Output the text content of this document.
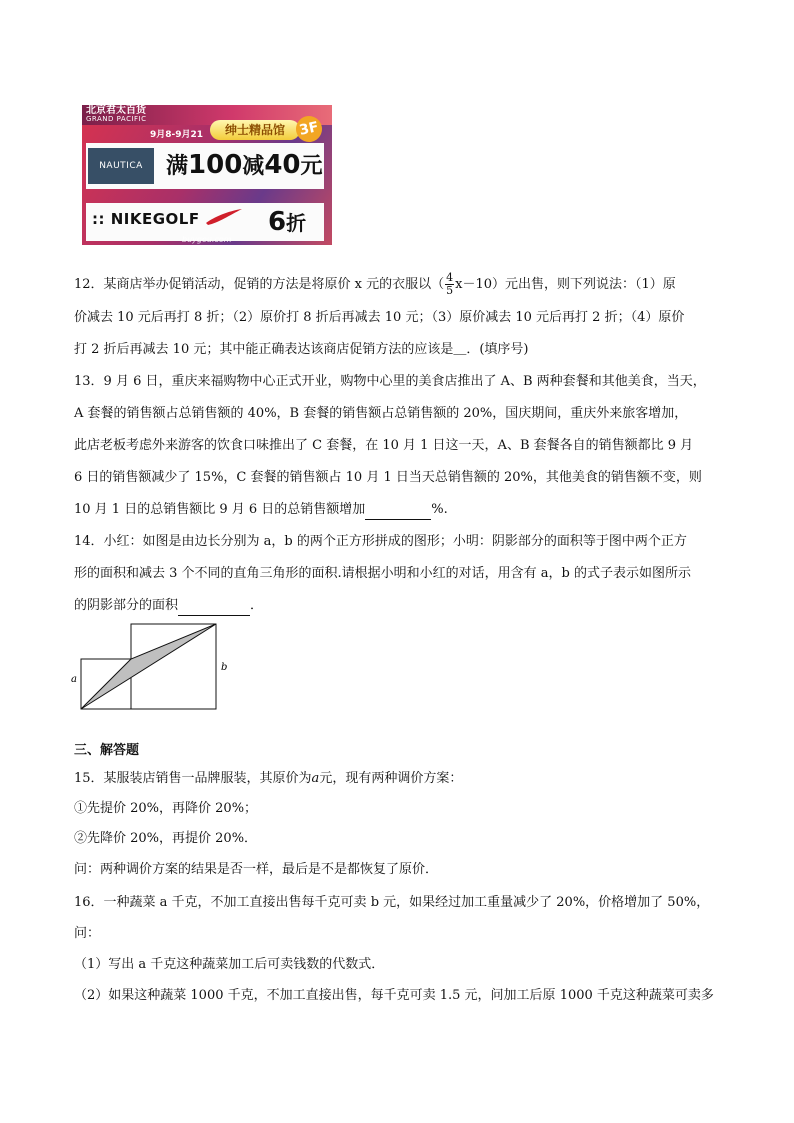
北京君太百货
GRAND PACIFIC
9月8-9月21	绅士精品馆 3F
NAUTICA	满100减40元
:: NIKEGOLF	6折
buygou.com

12．某商店举办促销活动，促销的方法是将原价 x 元的衣服以（ $\frac{4}{5} x-10$）元出售，则下列说法：（1）原

价减去 10 元后再打 8 折；（2）原价打 8 折后再减去 10 元；（3）原价减去 10 元后再打 2 折；（4）原价

打 2 折后再减去 10 元；其中能正确表达该商店促销方法的应该是＿．(填序号)

13．9 月 6 日，重庆来福购物中心正式开业，购物中心里的美食店推出了 A、B 两种套餐和其他美食，当天，

A 套餐的销售额占总销售额的 40%，B 套餐的销售额占总销售额的 20%，国庆期间，重庆外来旅客增加，

此店老板考虑外来游客的饮食口味推出了 C 套餐，在 10 月 1 日这一天，A、B 套餐各自的销售额都比 9 月

6 日的销售额减少了 15%，C 套餐的销售额占 10 月 1 日当天总销售额的 20%，其他美食的销售额不变，则

10 月 1 日的总销售额比 9 月 6 日的总销售额增加	%.

14．小红：如图是由边长分别为 a，b 的两个正方形拼成的图形；小明：阴影部分的面积等于图中两个正方

形的面积和减去 3 个不同的直角三角形的面积.请根据小明和小红的对话，用含有 a，b 的式子表示如图所示

的阴影部分的面积	．

a
b

三、解答题

15．某服装店销售一品牌服装，其原价为a元，现有两种调价方案：

①先提价 20%，再降价 20%；

②先降价 20%，再提价 20%．

问：两种调价方案的结果是否一样，最后是不是都恢复了原价．

16．一种蔬菜 a 千克，不加工直接出售每千克可卖 b 元，如果经过加工重量减少了 20%，价格增加了 50%，

问：

（1）写出 a 千克这种蔬菜加工后可卖钱数的代数式．

（2）如果这种蔬菜 1000 千克，不加工直接出售，每千克可卖 1.5 元，问加工后原 1000 千克这种蔬菜可卖多
